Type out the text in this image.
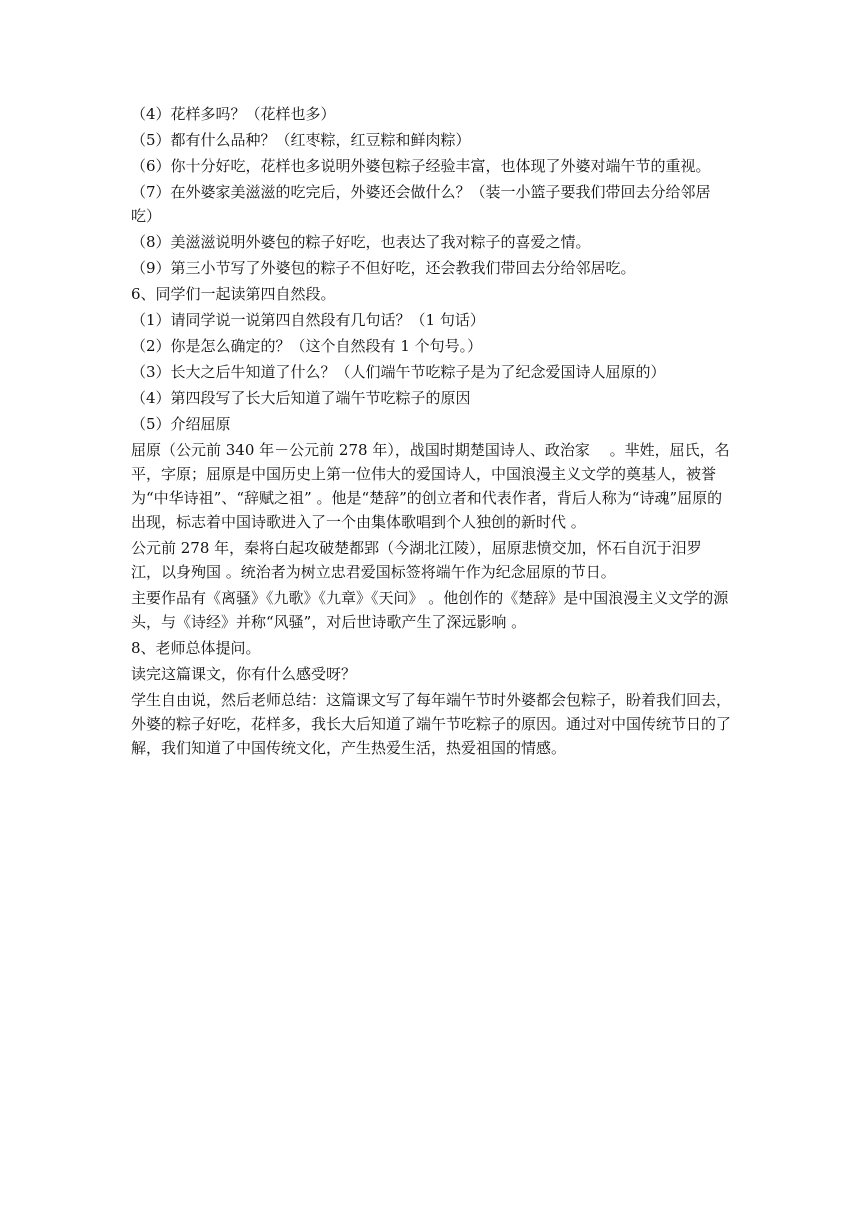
（4）花样多吗？（花样也多）

（5）都有什么品种？（红枣粽，红豆粽和鲜肉粽）

（6）你十分好吃，花样也多说明外婆包粽子经验丰富，也体现了外婆对端午节的重视。

（7）在外婆家美滋滋的吃完后，外婆还会做什么？（装一小篮子要我们带回去分给邻居吃）

（8）美滋滋说明外婆包的粽子好吃，也表达了我对粽子的喜爱之情。

（9）第三小节写了外婆包的粽子不但好吃，还会教我们带回去分给邻居吃。

6、同学们一起读第四自然段。

（1）请同学说一说第四自然段有几句话？（1 句话）

（2）你是怎么确定的？（这个自然段有 1 个句号。）

（3）长大之后牛知道了什么？（人们端午节吃粽子是为了纪念爱国诗人屈原的）

（4）第四段写了长大后知道了端午节吃粽子的原因

（5）介绍屈原

屈原（公元前 340 年－公元前 278 年），战国时期楚国诗人、政治家　 。芈姓，屈氏，名平，字原；屈原是中国历史上第一位伟大的爱国诗人，中国浪漫主义文学的奠基人，被誉为“中华诗祖”、“辞赋之祖” 。他是“楚辞”的创立者和代表作者，背后人称为“诗魂”屈原的出现，标志着中国诗歌进入了一个由集体歌唱到个人独创的新时代 。

公元前 278 年，秦将白起攻破楚都郢（今湖北江陵），屈原悲愤交加，怀石自沉于汨罗江，以身殉国 。统治者为树立忠君爱国标签将端午作为纪念屈原的节日。

主要作品有《离骚》《九歌》《九章》《天问》 。他创作的《楚辞》是中国浪漫主义文学的源头，与《诗经》并称“风骚”，对后世诗歌产生了深远影响 。

8、老师总体提问。

读完这篇课文，你有什么感受呀？

学生自由说，然后老师总结：这篇课文写了每年端午节时外婆都会包粽子，盼着我们回去，外婆的粽子好吃，花样多，我长大后知道了端午节吃粽子的原因。通过对中国传统节日的了解，我们知道了中国传统文化，产生热爱生活，热爱祖国的情感。
